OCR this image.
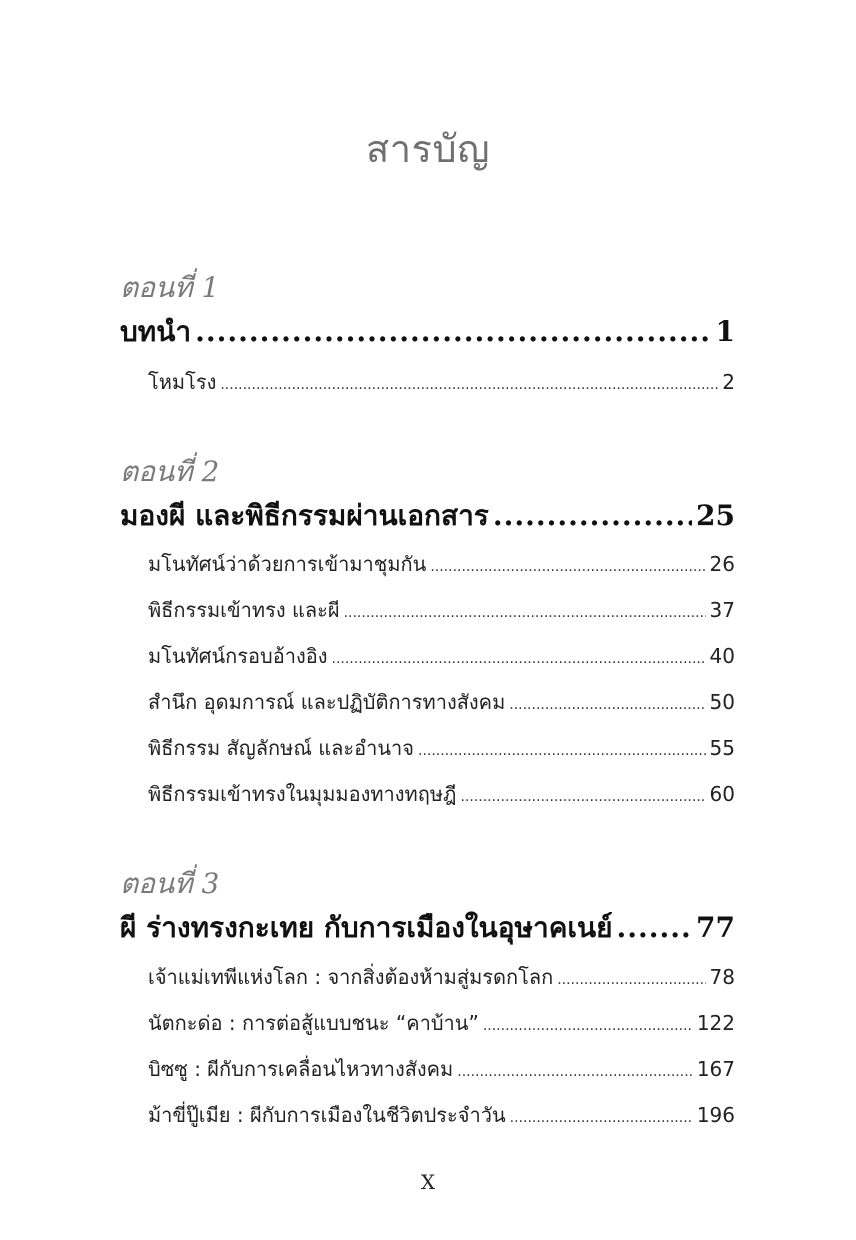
สารบัญ
ตอนที่ 1
บทนำ .....	1
โหมโรง .....	2
ตอนที่ 2
มองผี และพิธีกรรมผ่านเอกสาร .....	25
มโนทัศน์ว่าด้วยการเข้ามาชุมกัน .....	26
พิธีกรรมเข้าทรง และผี .....	37
มโนทัศน์กรอบอ้างอิง .....	40
สำนึก อุดมการณ์ และปฏิบัติการทางสังคม .....	50
พิธีกรรม สัญลักษณ์ และอำนาจ .....	55
พิธีกรรมเข้าทรงในมุมมองทางทฤษฎี .....	60
ตอนที่ 3
ผี ร่างทรงกะเทย กับการเมืองในอุษาคเนย์ .....	77
เจ้าแม่เทพีแห่งโลก : จากสิ่งต้องห้ามสู่มรดกโลก .....	78
นัตกะด่อ : การต่อสู้แบบชนะ “คาบ้าน” .....	122
บิซซู : ผีกับการเคลื่อนไหวทางสังคม .....	167
ม้าขี่ปู๊เมีย : ผีกับการเมืองในชีวิตประจำวัน .....	196
X
